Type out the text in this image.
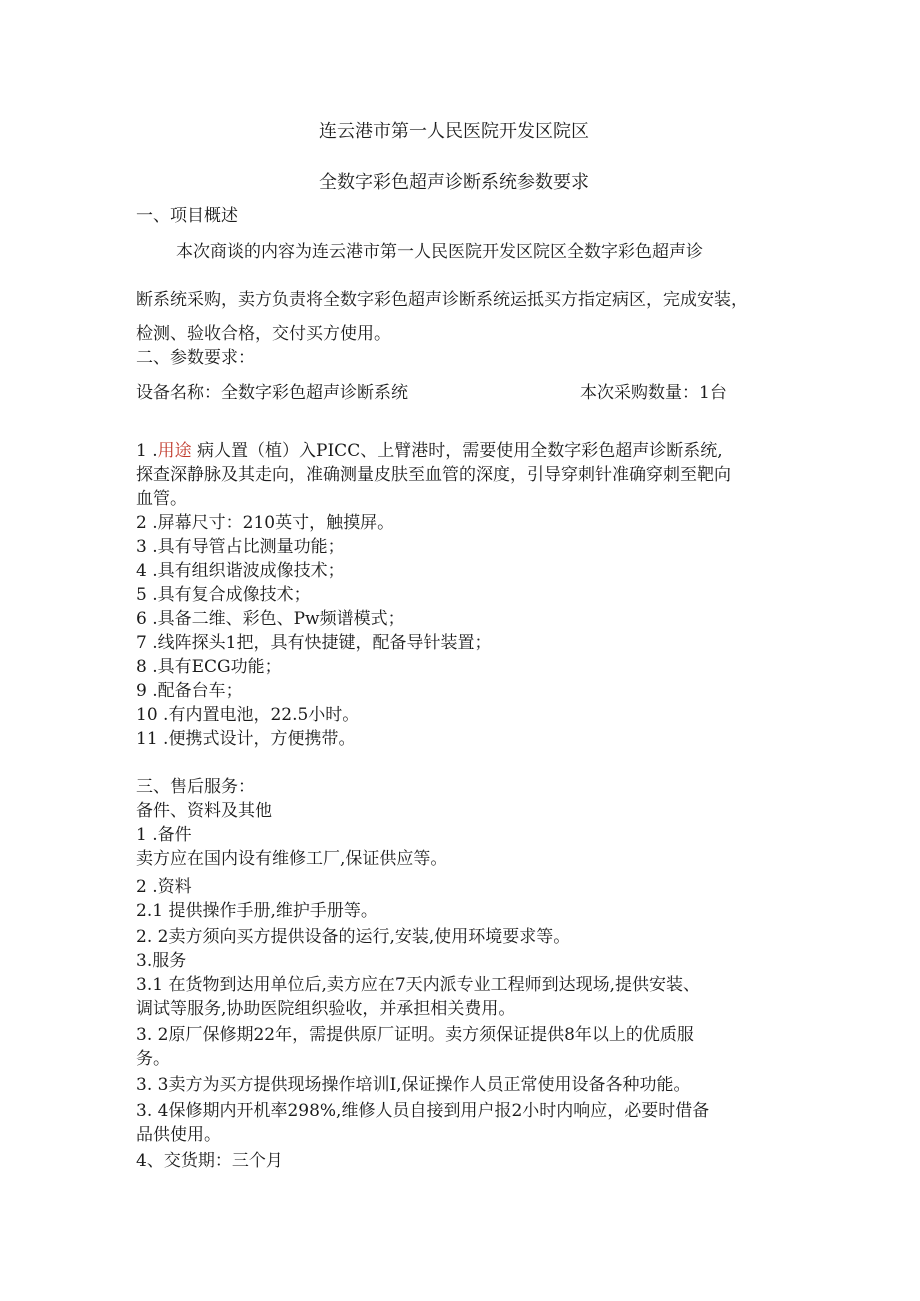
连云港市第一人民医院开发区院区
全数字彩色超声诊断系统参数要求
一、项目概述
本次商谈的内容为连云港市第一人民医院开发区院区全数字彩色超声诊
断系统采购，卖方负责将全数字彩色超声诊断系统运抵买方指定病区，完成安装，
检测、验收合格，交付买方使用。
二、参数要求：
设备名称：全数字彩色超声诊断系统	本次采购数量：1台
1 .用途 病人置（植）入PICC、上臂港时，需要使用全数字彩色超声诊断系统,
探查深静脉及其走向，准确测量皮肤至血管的深度，引导穿刺针准确穿刺至靶向
血管。
2 .屏幕尺寸：210英寸，触摸屏。
3 .具有导管占比测量功能；
4 .具有组织谐波成像技术；
5 .具有复合成像技术；
6 .具备二维、彩色、Pw频谱模式；
7 .线阵探头1把，具有快捷键，配备导针装置；
8 .具有ECG功能；
9 .配备台车；
10 .有内置电池，22.5小时。
11 .便携式设计，方便携带。
三、售后服务：
备件、资料及其他
1 .备件
卖方应在国内设有维修工厂,保证供应等。
2 .资料
2.1 提供操作手册,维护手册等。
2. 2卖方须向买方提供设备的运行,安装,使用环境要求等。
3.服务
3.1 在货物到达用单位后,卖方应在7天内派专业工程师到达现场,提供安装、
调试等服务,协助医院组织验收，并承担相关费用。
3. 2原厂保修期22年，需提供原厂证明。卖方须保证提供8年以上的优质服
务。
3. 3卖方为买方提供现场操作培训I,保证操作人员正常使用设备各种功能。
3. 4保修期内开机率298%,维修人员自接到用户报2小时内响应，必要时借备
品供使用。
4、交货期：三个月
